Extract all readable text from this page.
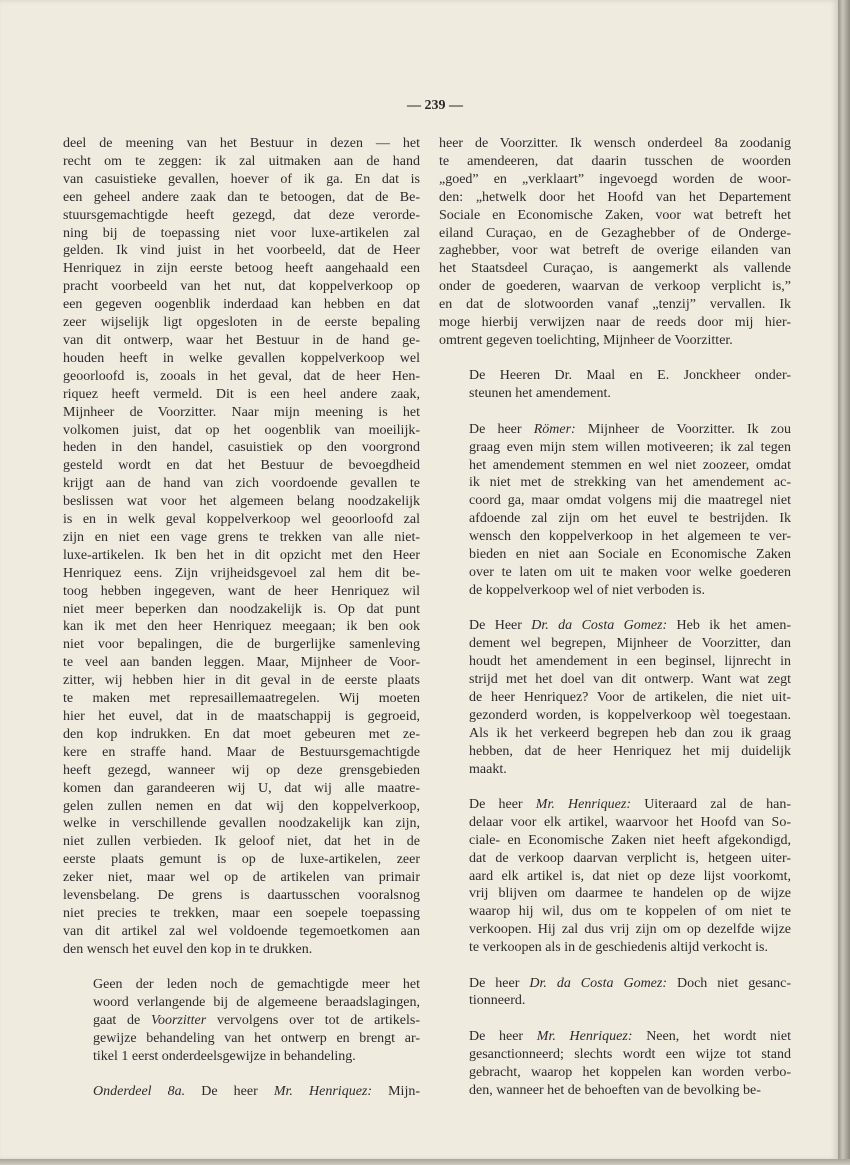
— 239 —

deel de meening van het Bestuur in dezen — het
recht om te zeggen: ik zal uitmaken aan de hand
van casuistieke gevallen, hoever of ik ga. En dat is
een geheel andere zaak dan te betoogen, dat de Be-
stuursgemachtigde heeft gezegd, dat deze verorde-
ning bij de toepassing niet voor luxe-artikelen zal
gelden. Ik vind juist in het voorbeeld, dat de Heer
Henriquez in zijn eerste betoog heeft aangehaald een
pracht voorbeeld van het nut, dat koppelverkoop op
een gegeven oogenblik inderdaad kan hebben en dat
zeer wijselijk ligt opgesloten in de eerste bepaling
van dit ontwerp, waar het Bestuur in de hand ge-
houden heeft in welke gevallen koppelverkoop wel
geoorloofd is, zooals in het geval, dat de heer Hen-
riquez heeft vermeld. Dit is een heel andere zaak,
Mijnheer de Voorzitter. Naar mijn meening is het
volkomen juist, dat op het oogenblik van moeilijk-
heden in den handel, casuistiek op den voorgrond
gesteld wordt en dat het Bestuur de bevoegdheid
krijgt aan de hand van zich voordoende gevallen te
beslissen wat voor het algemeen belang noodzakelijk
is en in welk geval koppelverkoop wel geoorloofd zal
zijn en niet een vage grens te trekken van alle niet-
luxe-artikelen. Ik ben het in dit opzicht met den Heer
Henriquez eens. Zijn vrijheidsgevoel zal hem dit be-
toog hebben ingegeven, want de heer Henriquez wil
niet meer beperken dan noodzakelijk is. Op dat punt
kan ik met den heer Henriquez meegaan; ik ben ook
niet voor bepalingen, die de burgerlijke samenleving
te veel aan banden leggen. Maar, Mijnheer de Voor-
zitter, wij hebben hier in dit geval in de eerste plaats
te maken met represaillemaatregelen. Wij moeten
hier het euvel, dat in de maatschappij is gegroeid,
den kop indrukken. En dat moet gebeuren met ze-
kere en straffe hand. Maar de Bestuursgemachtigde
heeft gezegd, wanneer wij op deze grensgebieden
komen dan garandeeren wij U, dat wij alle maatre-
gelen zullen nemen en dat wij den koppelverkoop,
welke in verschillende gevallen noodzakelijk kan zijn,
niet zullen verbieden. Ik geloof niet, dat het in de
eerste plaats gemunt is op de luxe-artikelen, zeer
zeker niet, maar wel op de artikelen van primair
levensbelang. De grens is daartusschen vooralsnog
niet precies te trekken, maar een soepele toepassing
van dit artikel zal wel voldoende tegemoetkomen aan
den wensch het euvel den kop in te drukken.

Geen der leden noch de gemachtigde meer het
woord verlangende bij de algemeene beraadslagingen,
gaat de Voorzitter vervolgens over tot de artikels-
gewijze behandeling van het ontwerp en brengt ar-
tikel 1 eerst onderdeelsgewijze in behandeling.

Onderdeel 8a. De heer Mr. Henriquez: Mijn-

heer de Voorzitter. Ik wensch onderdeel 8a zoodanig
te amendeeren, dat daarin tusschen de woorden
„goed” en „verklaart” ingevoegd worden de woor-
den: „hetwelk door het Hoofd van het Departement
Sociale en Economische Zaken, voor wat betreft het
eiland Curaçao, en de Gezaghebber of de Onderge-
zaghebber, voor wat betreft de overige eilanden van
het Staatsdeel Curaçao, is aangemerkt als vallende
onder de goederen, waarvan de verkoop verplicht is,”
en dat de slotwoorden vanaf „tenzij” vervallen. Ik
moge hierbij verwijzen naar de reeds door mij hier-
omtrent gegeven toelichting, Mijnheer de Voorzitter.

De Heeren Dr. Maal en E. Jonckheer onder-
steunen het amendement.

De heer Römer: Mijnheer de Voorzitter. Ik zou
graag even mijn stem willen motiveeren; ik zal tegen
het amendement stemmen en wel niet zoozeer, omdat
ik niet met de strekking van het amendement ac-
coord ga, maar omdat volgens mij die maatregel niet
afdoende zal zijn om het euvel te bestrijden. Ik
wensch den koppelverkoop in het algemeen te ver-
bieden en niet aan Sociale en Economische Zaken
over te laten om uit te maken voor welke goederen
de koppelverkoop wel of niet verboden is.

De Heer Dr. da Costa Gomez: Heb ik het amen-
dement wel begrepen, Mijnheer de Voorzitter, dan
houdt het amendement in een beginsel, lijnrecht in
strijd met het doel van dit ontwerp. Want wat zegt
de heer Henriquez? Voor de artikelen, die niet uit-
gezonderd worden, is koppelverkoop wèl toegestaan.
Als ik het verkeerd begrepen heb dan zou ik graag
hebben, dat de heer Henriquez het mij duidelijk
maakt.

De heer Mr. Henriquez: Uiteraard zal de han-
delaar voor elk artikel, waarvoor het Hoofd van So-
ciale- en Economische Zaken niet heeft afgekondigd,
dat de verkoop daarvan verplicht is, hetgeen uiter-
aard elk artikel is, dat niet op deze lijst voorkomt,
vrij blijven om daarmee te handelen op de wijze
waarop hij wil, dus om te koppelen of om niet te
verkoopen. Hij zal dus vrij zijn om op dezelfde wijze
te verkoopen als in de geschiedenis altijd verkocht is.

De heer Dr. da Costa Gomez: Doch niet gesanc-
tionneerd.

De heer Mr. Henriquez: Neen, het wordt niet
gesanctionneerd; slechts wordt een wijze tot stand
gebracht, waarop het koppelen kan worden verbo-
den, wanneer het de behoeften van de bevolking be-
